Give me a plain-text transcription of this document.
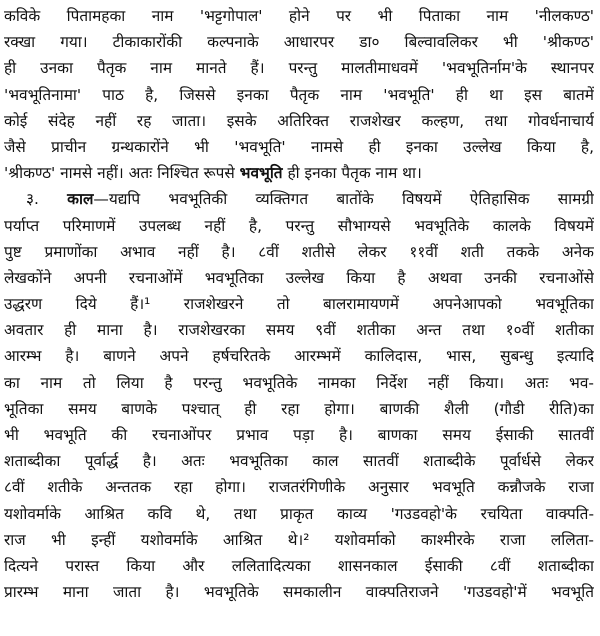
कविके पितामहका नाम 'भट्टगोपाल' होने पर भी पिताका नाम 'नीलकण्ठ'
रक्खा गया। टीकाकारोंकी कल्पनाके आधारपर डा० बिल्वावलिकर भी 'श्रीकण्ठ'
ही उनका पैतृक नाम मानते हैं। परन्तु मालतीमाधवमें 'भवभूतिर्नाम'के स्थानपर
'भवभूतिनामा' पाठ है, जिससे इनका पैतृक नाम 'भवभूति' ही था इस बातमें
कोई संदेह नहीं रह जाता। इसके अतिरिक्त राजशेखर कल्हण, तथा गोवर्धनाचार्य
जैसे प्राचीन ग्रन्थकारोंने भी 'भवभूति' नामसे ही इनका उल्लेख किया है,
'श्रीकण्ठ' नामसे नहीं। अतः निश्चित रूपसे भवभूति ही इनका पैतृक नाम था।
३. काल—यद्यपि भवभूतिकी व्यक्तिगत बातोंके विषयमें ऐतिहासिक सामग्री
पर्याप्त परिमाणमें उपलब्ध नहीं है, परन्तु सौभाग्यसे भवभूतिके कालके विषयमें
पुष्ट प्रमाणोंका अभाव नहीं है। ८वीं शतीसे लेकर ११वीं शती तकके अनेक
लेखकोंने अपनी रचनाओंमें भवभूतिका उल्लेख किया है अथवा उनकी रचनाओंसे
उद्धरण दिये हैं।¹ राजशेखरने तो बालरामायणमें अपनेआपको भवभूतिका
अवतार ही माना है। राजशेखरका समय ९वीं शतीका अन्त तथा १०वीं शतीका
आरम्भ है। बाणने अपने हर्षचरितके आरम्भमें कालिदास, भास, सुबन्धु इत्यादि
का नाम तो लिया है परन्तु भवभूतिके नामका निर्देश नहीं किया। अतः भव-
भूतिका समय बाणके पश्चात् ही रहा होगा। बाणकी शैली (गौडी रीति)का
भी भवभूति की रचनाओंपर प्रभाव पड़ा है। बाणका समय ईसाकी सातवीं
शताब्दीका पूर्वार्द्ध है। अतः भवभूतिका काल सातवीं शताब्दीके पूर्वार्धसे लेकर
८वीं शतीके अन्ततक रहा होगा। राजतरंगिणीके अनुसार भवभूति कन्नौजके राजा
यशोवर्माके आश्रित कवि थे, तथा प्राकृत काव्य 'गउडवहो'के रचयिता वाक्पति-
राज भी इन्हीं यशोवर्माके आश्रित थे।² यशोवर्माको काश्मीरके राजा ललिता-
दित्यने परास्त किया और ललितादित्यका शासनकाल ईसाकी ८वीं शताब्दीका
प्रारम्भ माना जाता है। भवभूतिके समकालीन वाक्पतिराजने 'गउडवहो'में भवभूति
